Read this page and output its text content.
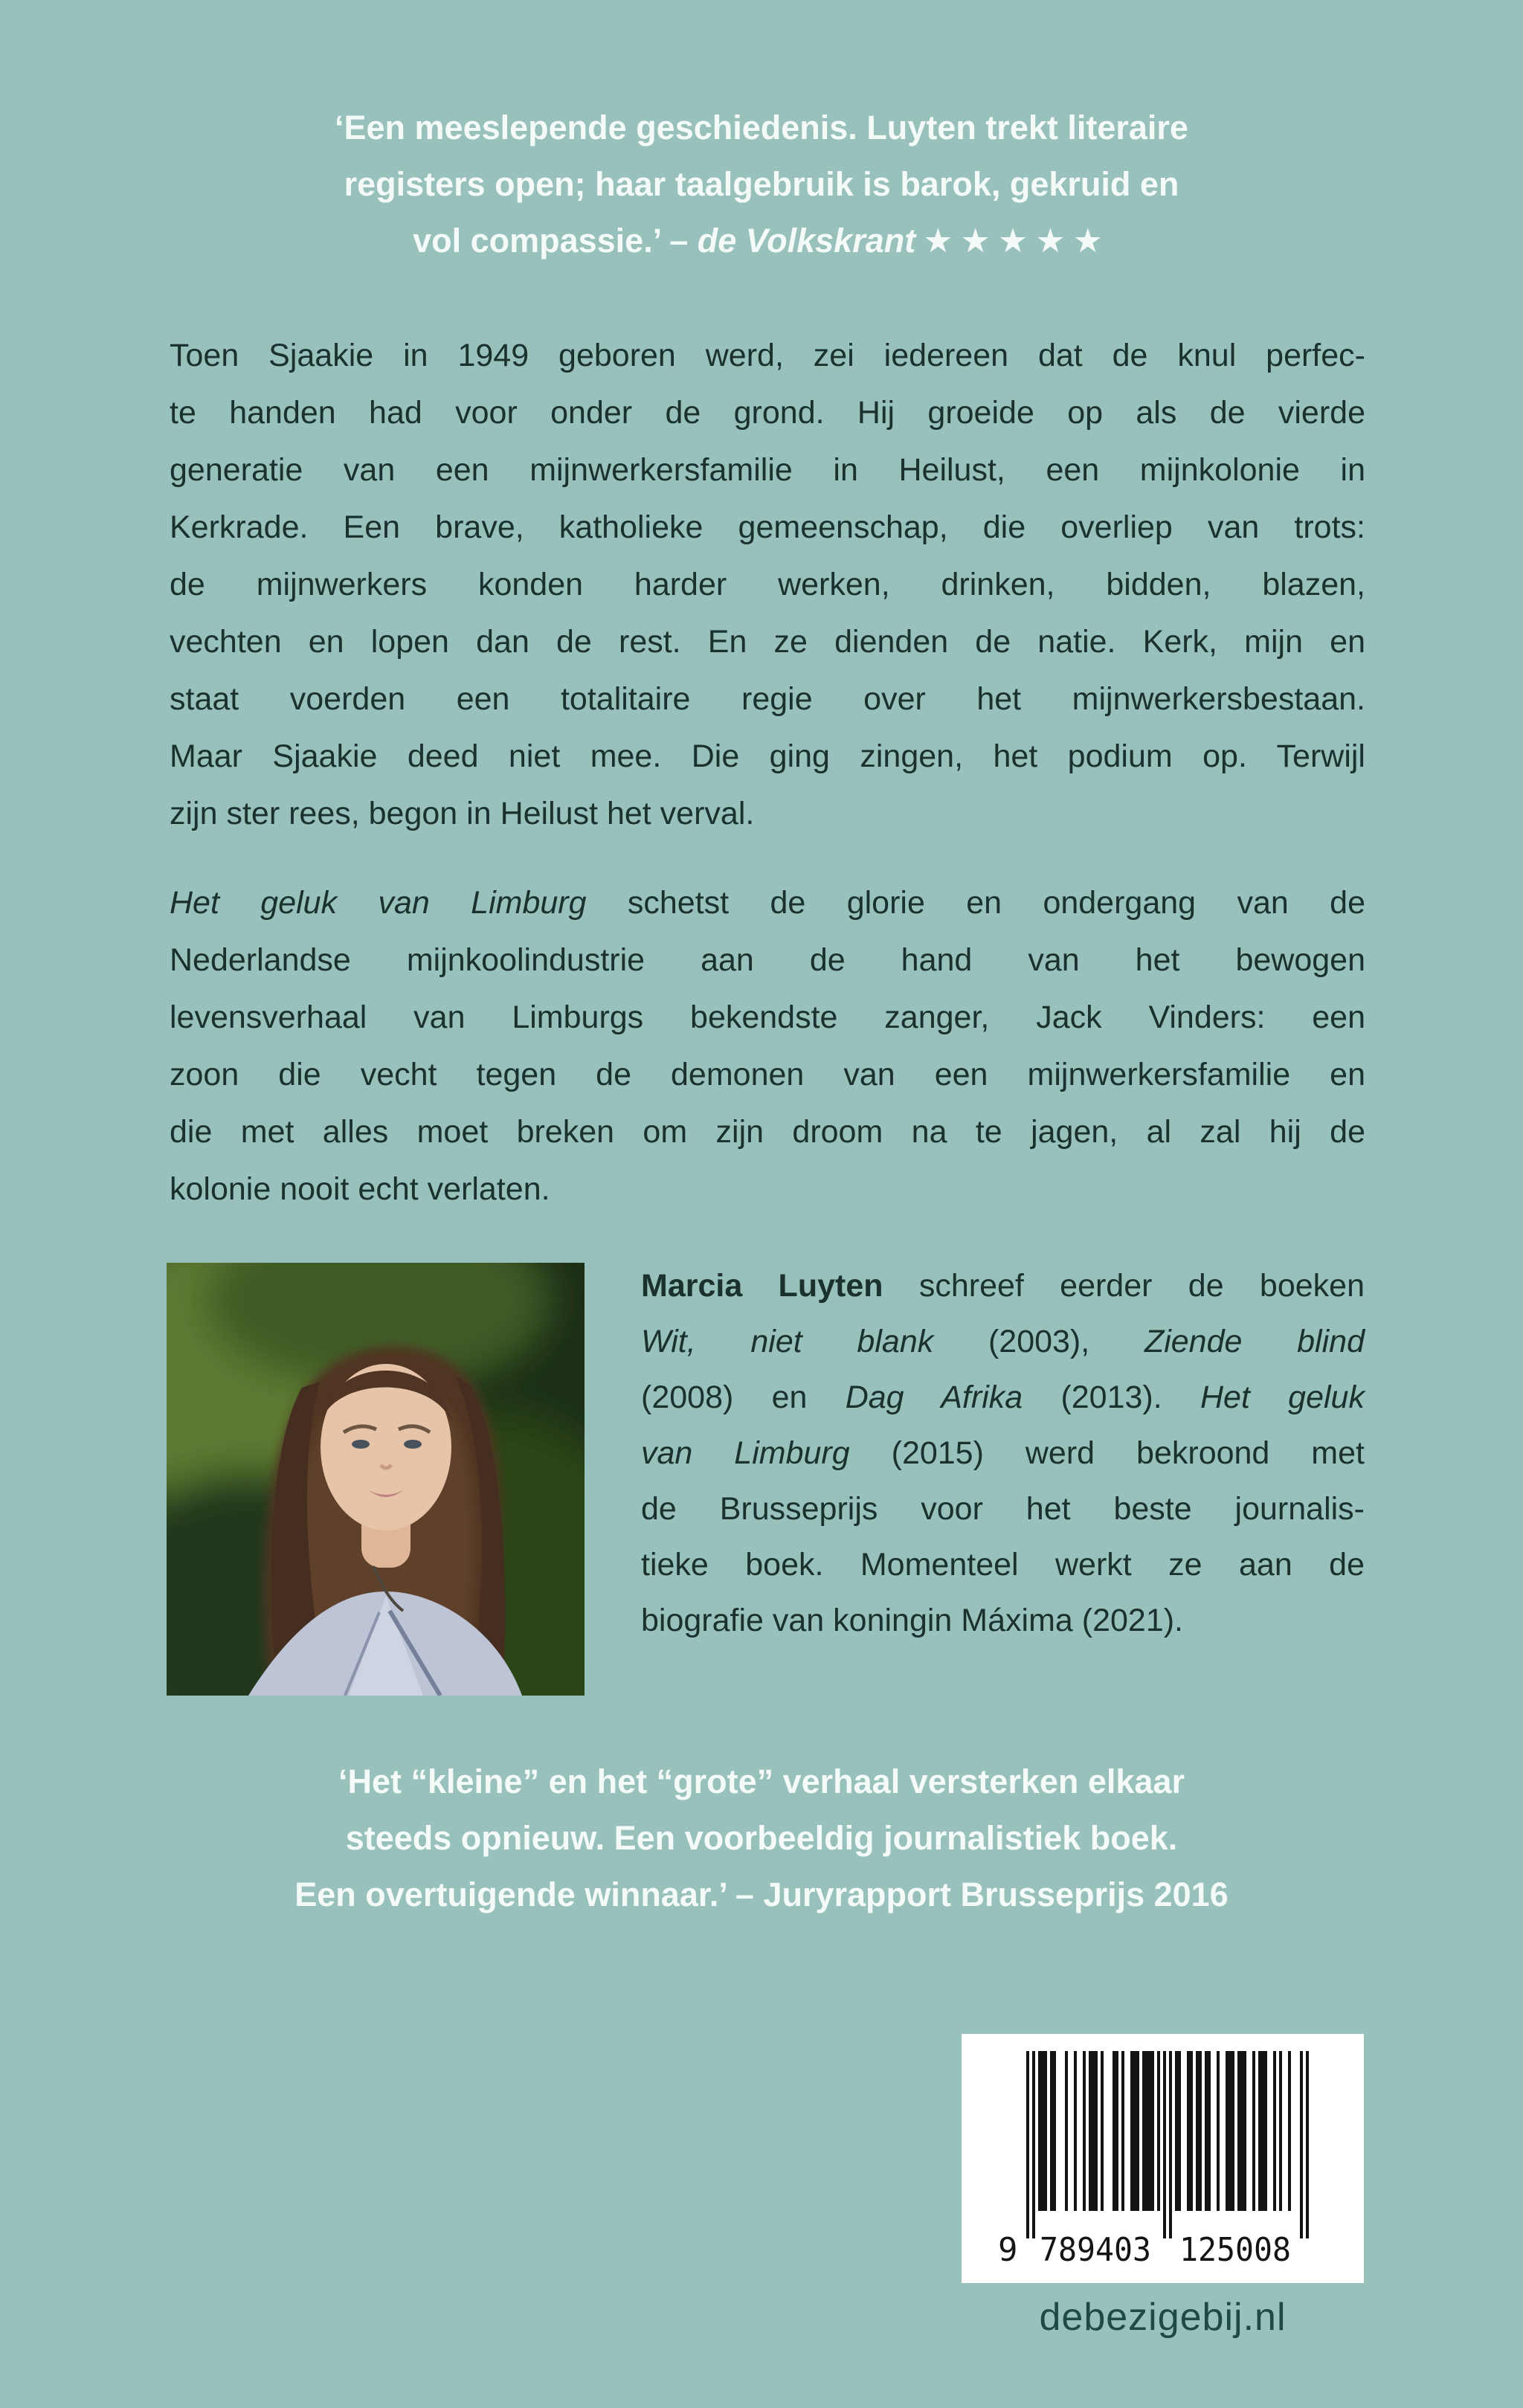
‘Een meeslepende geschiedenis. Luyten trekt literaire
registers open; haar taalgebruik is barok, gekruid en
vol compassie.’ – de Volkskrant ★★★★★
Toen Sjaakie in 1949 geboren werd, zei iedereen dat de knul perfec-
te handen had voor onder de grond. Hij groeide op als de vierde
generatie van een mijnwerkersfamilie in Heilust, een mijnkolonie in
Kerkrade. Een brave, katholieke gemeenschap, die overliep van trots:
de mijnwerkers konden harder werken, drinken, bidden, blazen,
vechten en lopen dan de rest. En ze dienden de natie. Kerk, mijn en
staat voerden een totalitaire regie over het mijnwerkersbestaan.
Maar Sjaakie deed niet mee. Die ging zingen, het podium op. Terwijl
zijn ster rees, begon in Heilust het verval.
Het geluk van Limburg schetst de glorie en ondergang van de
Nederlandse mijnkoolindustrie aan de hand van het bewogen
levensverhaal van Limburgs bekendste zanger, Jack Vinders: een
zoon die vecht tegen de demonen van een mijnwerkersfamilie en
die met alles moet breken om zijn droom na te jagen, al zal hij de
kolonie nooit echt verlaten.
Marcia Luyten schreef eerder de boeken
Wit, niet blank (2003), Ziende blind
(2008) en Dag Afrika (2013). Het geluk
van Limburg (2015) werd bekroond met
de Brusseprijs voor het beste journalis-
tieke boek. Momenteel werkt ze aan de
biografie van koningin Máxima (2021).
‘Het “kleine” en het “grote” verhaal versterken elkaar
steeds opnieuw. Een voorbeeldig journalistiek boek.
Een overtuigende winnaar.’ – Juryrapport Brusseprijs 2016
9 789403 125008
debezigebij.nl
